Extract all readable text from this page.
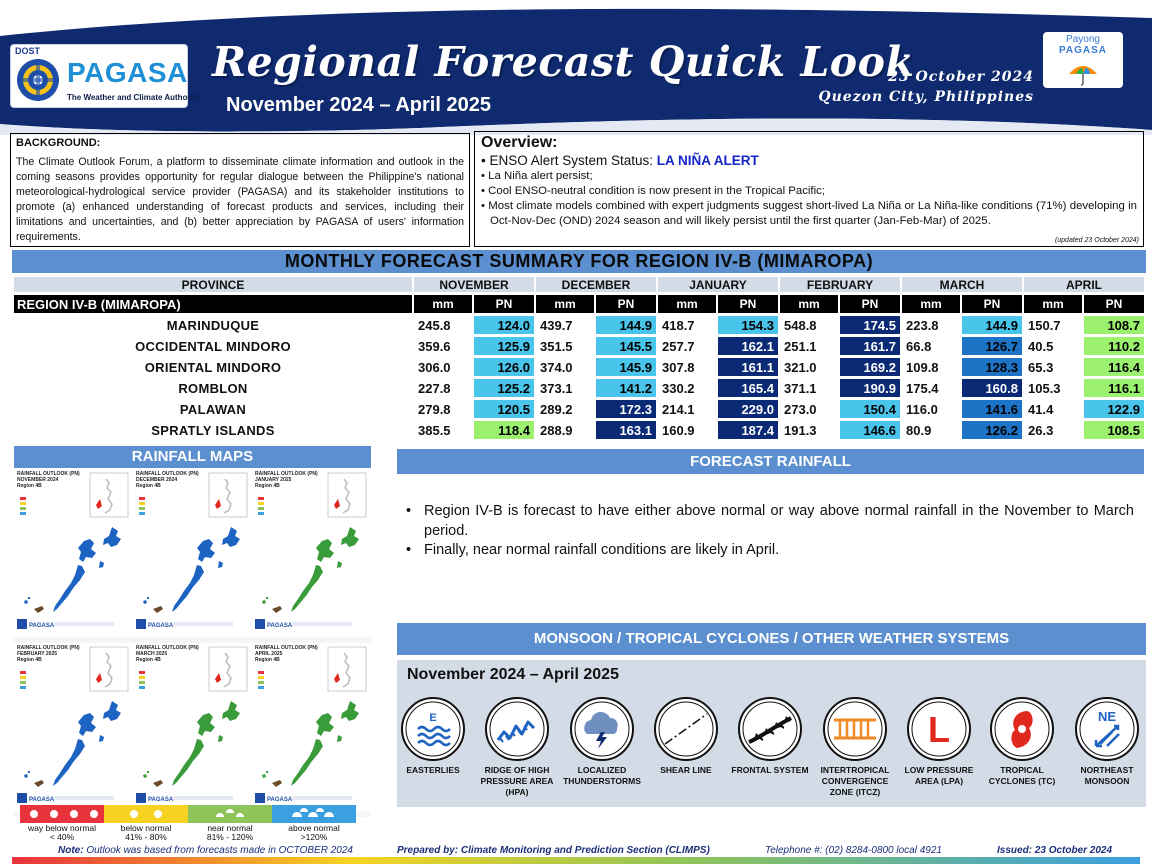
DOST
PAGASA
The Weather and Climate Authority
Regional Forecast Quick Look
November 2024 – April 2025
23 October 2024
Quezon City, Philippines
Payong
PAGASA
BACKGROUND:
The Climate Outlook Forum, a platform to disseminate climate information and outlook in the coming seasons provides opportunity for regular dialogue between the Philippine's national meteorological-hydrological service provider (PAGASA) and its stakeholder institutions to promote (a) enhanced understanding of forecast products and services, including their limitations and uncertainties, and (b) better appreciation by PAGASA of users' information requirements.
Overview:
• ENSO Alert System Status: LA NIÑA ALERT
• La Niña alert persist;
• Cool ENSO-neutral condition is now present in the Tropical Pacific;
• Most climate models combined with expert judgments suggest short-lived La Niña or La Niña-like conditions (71%) developing in Oct-Nov-Dec (OND) 2024 season and will likely persist until the first quarter (Jan-Feb-Mar) of 2025.
(updated 23 October 2024)
MONTHLY FORECAST SUMMARY FOR REGION IV-B (MIMAROPA)
PROVINCE	NOVEMBER		DECEMBER		JANUARY		FEBRUARY		MARCH		APRIL	
REGION IV-B (MIMAROPA)	mm	PN	mm	PN	mm	PN	mm	PN	mm	PN	mm	PN
MARINDUQUE	245.8	124.0	439.7	144.9	418.7	154.3	548.8	174.5	223.8	144.9	150.7	108.7
OCCIDENTAL MINDORO	359.6	125.9	351.5	145.5	257.7	162.1	251.1	161.7	66.8	126.7	40.5	110.2
ORIENTAL MINDORO	306.0	126.0	374.0	145.9	307.8	161.1	321.0	169.2	109.8	128.3	65.3	116.4
ROMBLON	227.8	125.2	373.1	141.2	330.2	165.4	371.1	190.9	175.4	160.8	105.3	116.1
PALAWAN	279.8	120.5	289.2	172.3	214.1	229.0	273.0	150.4	116.0	141.6	41.4	122.9
SPRATLY ISLANDS	385.5	118.4	288.9	163.1	160.9	187.4	191.3	146.6	80.9	126.2	26.3	108.5
RAINFALL MAPS
PAGASA
RAINFALL OUTLOOK (PN)
NOVEMBER 2024
Region 4B
PAGASA
RAINFALL OUTLOOK (PN)
DECEMBER 2024
Region 4B
PAGASA
RAINFALL OUTLOOK (PN)
JANUARY 2025
Region 4B
PAGASA
RAINFALL OUTLOOK (PN)
FEBRUARY 2025
Region 4B
PAGASA
RAINFALL OUTLOOK (PN)
MARCH 2025
Region 4B
PAGASA
RAINFALL OUTLOOK (PN)
APRIL 2025
Region 4B
way below normal
< 40%
below normal
41% - 80%
near normal
81% - 120%
above normal
>120%
FORECAST RAINFALL
• Region IV-B is forecast to have either above normal or way above normal rainfall in the November to March period.
• Finally, near normal rainfall conditions are likely in April.
MONSOON / TROPICAL CYCLONES / OTHER WEATHER SYSTEMS
November 2024 – April 2025
E
EASTERLIES	RIDGE OF HIGH PRESSURE AREA (HPA)
LOCALIZED THUNDERSTORMS
SHEAR LINE	FRONTAL SYSTEM	INTERTROPICAL CONVERGENCE ZONE (ITCZ)
L
LOW PRESSURE AREA (LPA)
TROPICAL CYCLONES (TC)
NE
NORTHEAST MONSOON
Note: Outlook was based from forecasts made in OCTOBER 2024	Prepared by: Climate Monitoring and Prediction Section (CLIMPS)	Telephone #: (02) 8284-0800 local 4921	Issued: 23 October 2024
